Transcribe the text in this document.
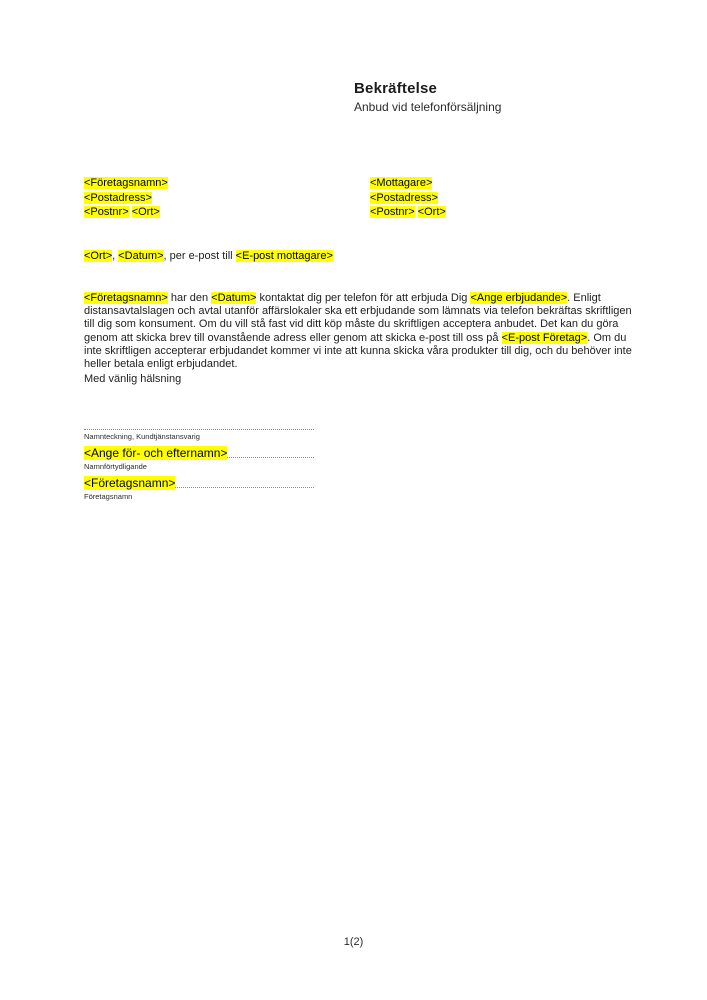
Bekräftelse

Anbud vid telefonförsäljning

<Företagsnamn>
<Postadress>
<Postnr> <Ort>
<Mottagare>
<Postadress>
<Postnr> <Ort>
<Ort>, <Datum>, per e-post till <E-post mottagare>

<Företagsnamn> har den <Datum> kontaktat dig per telefon för att erbjuda Dig <Ange erbjudande>. Enligt distansavtalslagen och avtal utanför affärslokaler ska ett erbjudande som lämnats via telefon bekräftas skriftligen till dig som konsument. Om du vill stå fast vid ditt köp måste du skriftligen acceptera anbudet. Det kan du göra genom att skicka brev till ovanstående adress eller genom att skicka e-post till oss på <E-post Företag>. Om du inte skriftligen accepterar erbjudandet kommer vi inte att kunna skicka våra produkter till dig, och du behöver inte heller betala enligt erbjudandet.

Med vänlig hälsning
Namnteckning, Kundtjänstansvarig
<Ange för- och efternamn>
Namnförtydligande
<Företagsnamn>
Företagsnamn
1(2)
